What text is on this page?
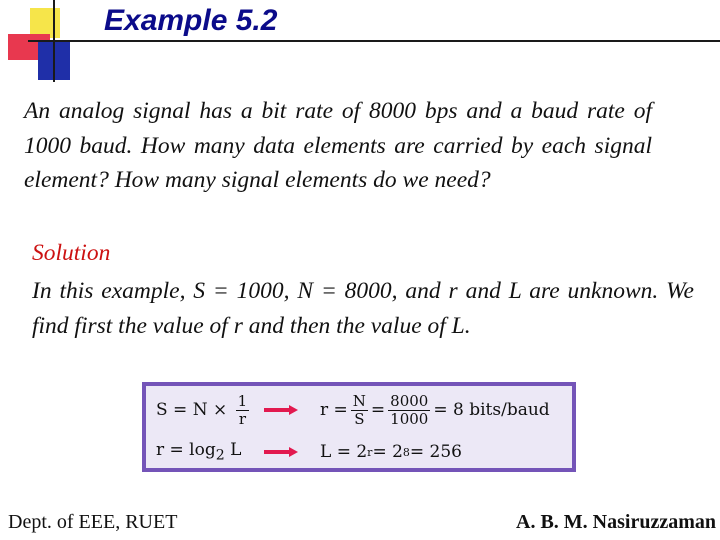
Example 5.2

An analog signal has a bit rate of 8000 bps and a baud rate of 1000 baud. How many data elements are carried by each signal element? How many signal elements do we need?

Solution

In this example, S = 1000, N = 8000, and r and L are unknown. We find first the value of r and then the value of L.

$S = N \times \frac{1}{r}$	$r = \frac{N}{S} = \frac{8000}{1000} = 8$ bits/baud
$r = \log_2 L$	L = 2 r = 2 8 = 256

Dept. of EEE, RUET	A. B. M. Nasiruzzaman
